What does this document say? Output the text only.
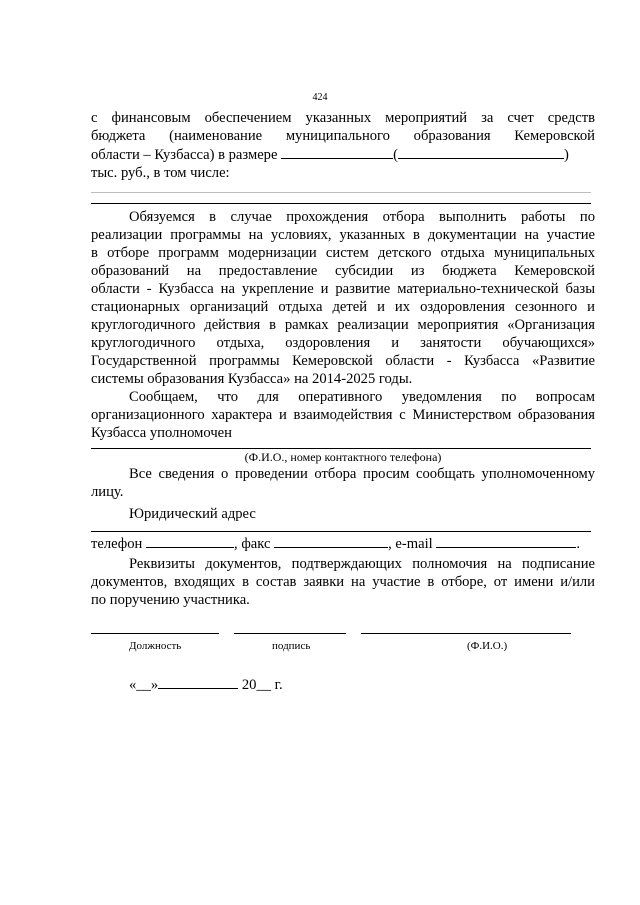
424
с финансовым обеспечением указанных мероприятий за счет средств
бюджета (наименование муниципального образования Кемеровской
области – Кузбасса) в размере	(	)
тыс. руб., в том числе:
Обязуемся в случае прохождения отбора выполнить работы по
реализации программы на условиях, указанных в документации на участие
в отборе программ модернизации систем детского отдыха муниципальных
образований на предоставление субсидии из бюджета Кемеровской
области - Кузбасса на укрепление и развитие материально-технической базы
стационарных организаций отдыха детей и их оздоровления сезонного и
круглогодичного действия в рамках реализации мероприятия «Организация
круглогодичного отдыха, оздоровления и занятости обучающихся»
Государственной программы Кемеровской области - Кузбасса «Развитие
системы образования Кузбасса» на 2014-2025 годы.
Сообщаем, что для оперативного уведомления по вопросам
организационного характера и взаимодействия с Министерством образования
Кузбасса уполномочен

(Ф.И.О., номер контактного телефона)

Все сведения о проведении отбора просим сообщать уполномоченному
лицу.
Юридический адрес
телефон	, факс	, e-mail	.
Реквизиты документов, подтверждающих полномочия на подписание
документов, входящих в состав заявки на участие в отборе, от имени и/или
по поручению участника.
Должность	подпись	(Ф.И.О.)
«__»	20__ г.
